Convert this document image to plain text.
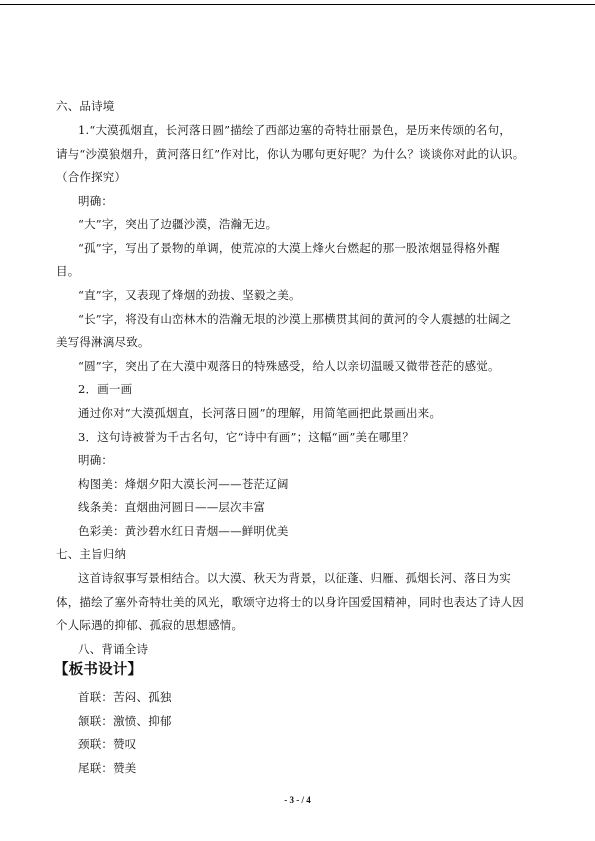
六、品诗境
1.“大漠孤烟直，长河落日圆”描绘了西部边塞的奇特壮丽景色，是历来传颂的名句，
请与“沙漠狼烟升，黄河落日红”作对比，你认为哪句更好呢？为什么？谈谈你对此的认识。
（合作探究）
明确：
“大”字，突出了边疆沙漠，浩瀚无边。
“孤”字，写出了景物的单调，使荒凉的大漠上烽火台燃起的那一股浓烟显得格外醒
目。
“直”字，又表现了烽烟的劲拔、坚毅之美。
“长”字，将没有山峦林木的浩瀚无垠的沙漠上那横贯其间的黄河的令人震撼的壮阔之
美写得淋漓尽致。
“圆”字，突出了在大漠中观落日的特殊感受，给人以亲切温暖又微带苍茫的感觉。
2．画一画
通过你对“大漠孤烟直，长河落日圆”的理解，用简笔画把此景画出来。
3．这句诗被誉为千古名句，它“诗中有画”；这幅“画”美在哪里？
明确：
构图美：烽烟夕阳大漠长河——苍茫辽阔
线条美：直烟曲河圆日——层次丰富
色彩美：黄沙碧水红日青烟——鲜明优美
七、主旨归纳
这首诗叙事写景相结合。以大漠、秋天为背景，以征蓬、归雁、孤烟长河、落日为实
体，描绘了塞外奇特壮美的风光，歌颂守边将士的以身许国爱国精神，同时也表达了诗人因
个人际遇的抑郁、孤寂的思想感情。
八、背诵全诗
【板书设计】
首联：苦闷、孤独
颔联：激愤、抑郁
颈联：赞叹
尾联：赞美
- 3 - / 4
